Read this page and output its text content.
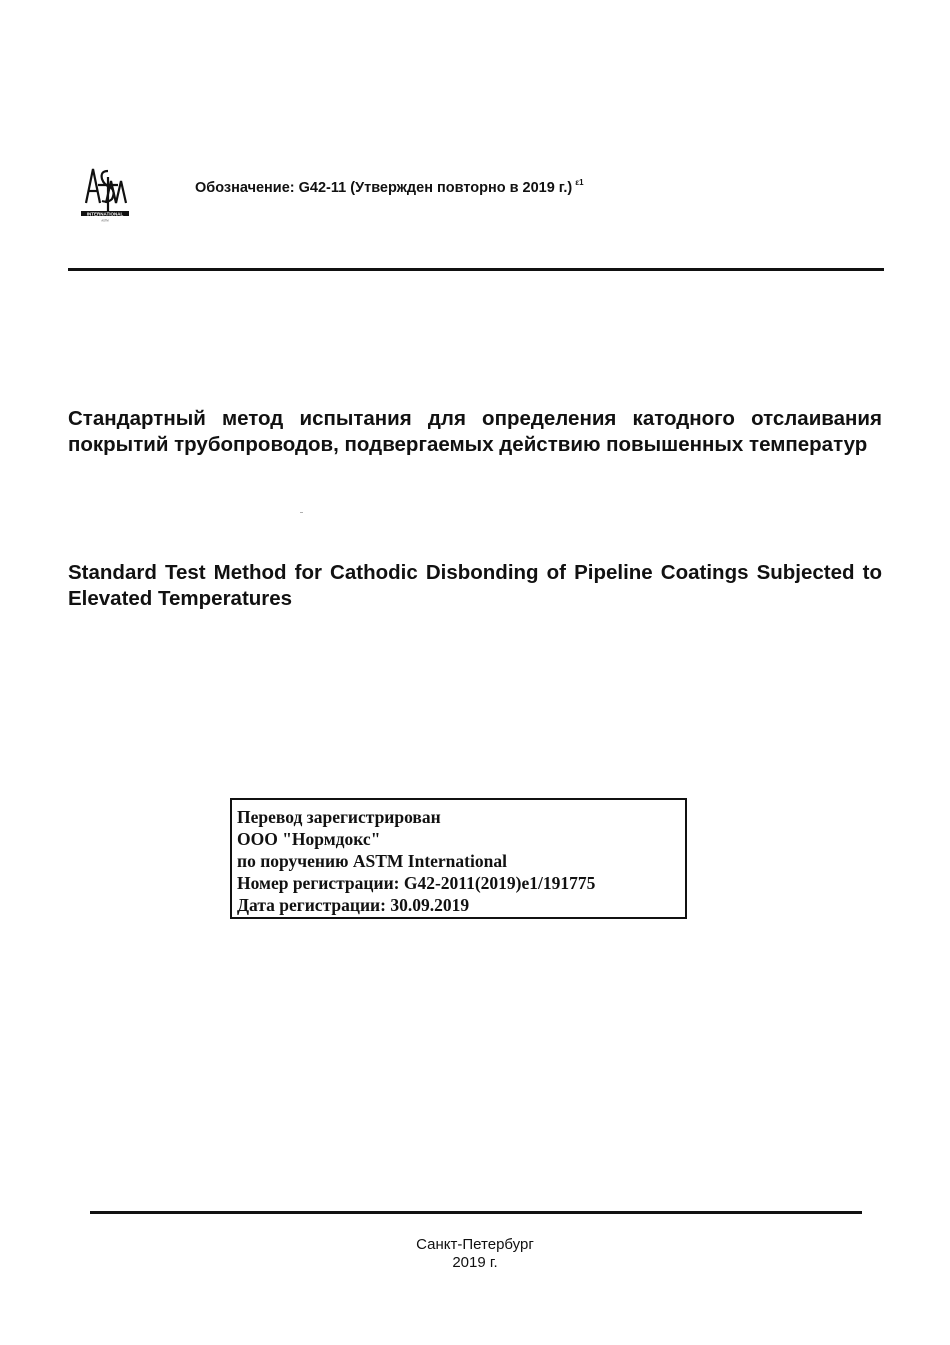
INTERNATIONAL
ASTM
Обозначение: G42-11 (Утвержден повторно в 2019 г.) $^{\varepsilon 1}$

Стандартный метод испытания для определения катодного отслаивания покрытий трубопроводов, подвергаемых действию повышенных температур

Standard Test Method for Cathodic Disbonding of Pipeline Coatings Subjected to Elevated Temperatures

Перевод зарегистрирован
ООО "Нормдокс"
по поручению ASTM International
Номер регистрации: G42-2011(2019)e1/191775
Дата регистрации: 30.09.2019
Санкт-Петербург
2019 г.
